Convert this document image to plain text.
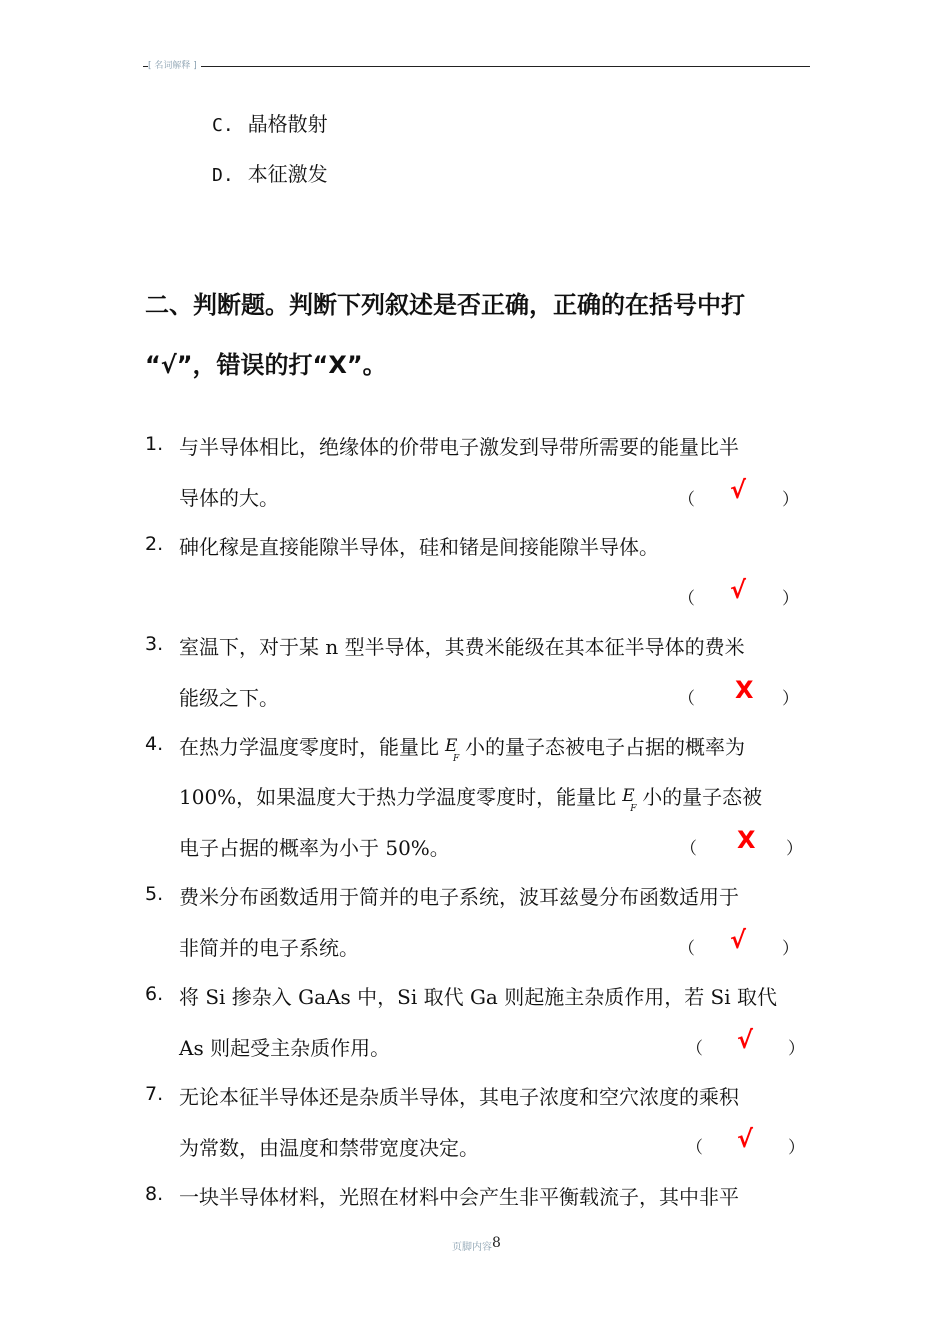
[ 名词解释 ]
C. 晶格散射
D. 本征激发
二、判断题。判断下列叙述是否正确，正确的在括号中打
“√”，错误的打“X”。
1. 与半导体相比，绝缘体的价带电子激发到导带所需要的能量比半
导体的大。	（ √ ）
2. 砷化稼是直接能隙半导体，硅和锗是间接能隙半导体。
（ √ ）
3. 室温下，对于某 n 型半导体，其费米能级在其本征半导体的费米
能级之下。	（ X ）
4. 在热力学温度零度时，能量比 E
F 小的量子态被电子占据的概率为
100%，如果温度大于热力学温度零度时，能量比 E
F 小的量子态被
电子占据的概率为小于 50%。	（ X ）
5. 费米分布函数适用于简并的电子系统，波耳兹曼分布函数适用于
非简并的电子系统。	（ √ ）
6. 将 Si 掺杂入 GaAs 中，Si 取代 Ga 则起施主杂质作用，若 Si 取代
As 则起受主杂质作用。	（ √ ）
7. 无论本征半导体还是杂质半导体，其电子浓度和空穴浓度的乘积
为常数，由温度和禁带宽度决定。	（ √ ）
8. 一块半导体材料，光照在材料中会产生非平衡载流子，其中非平
页脚内容8
